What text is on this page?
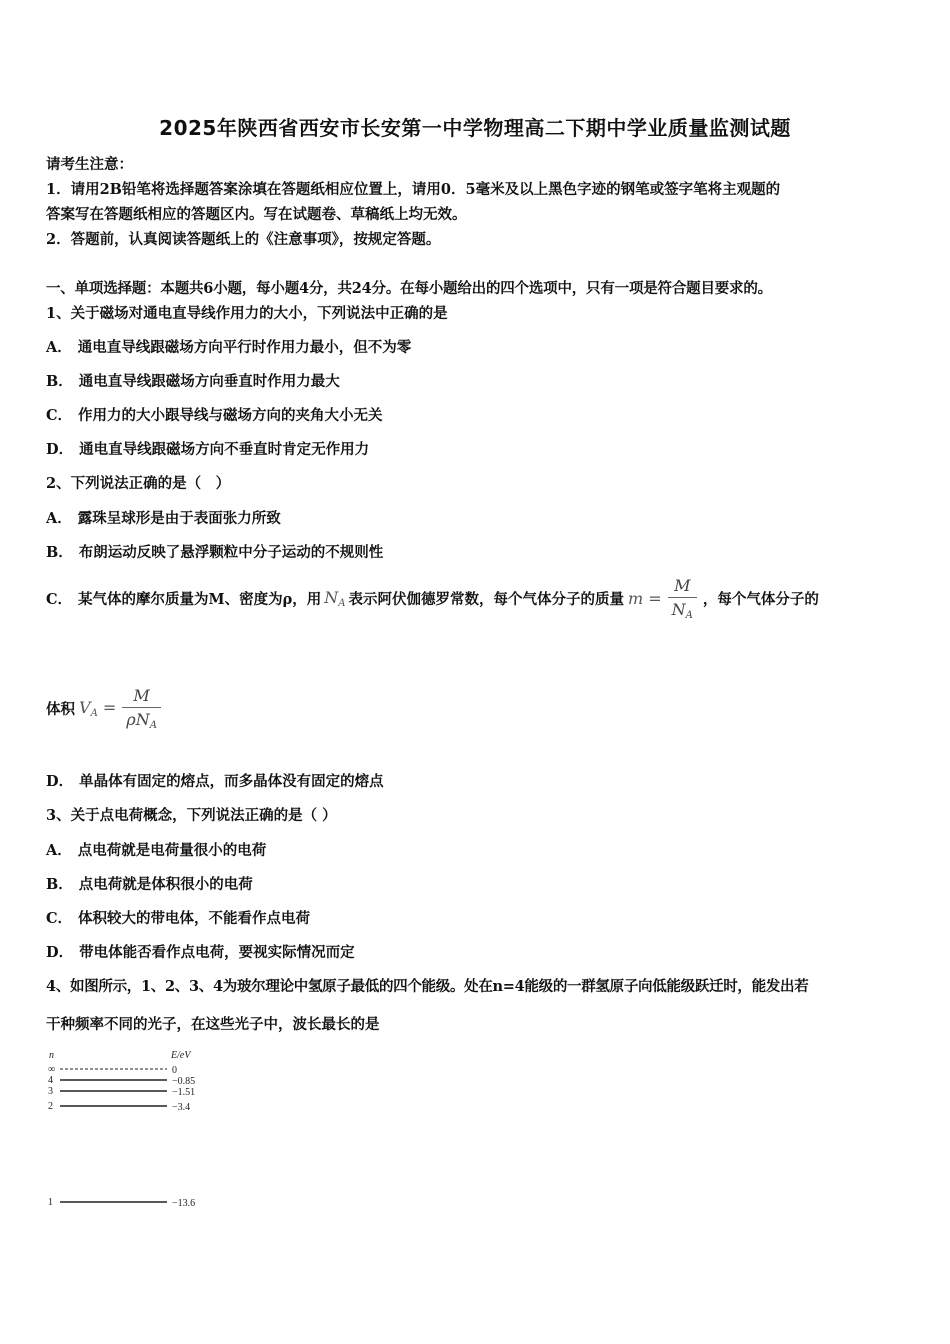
2025年陕西省西安市长安第一中学物理高二下期中学业质量监测试题
请考生注意：
1．请用2B铅笔将选择题答案涂填在答题纸相应位置上，请用0．5毫米及以上黑色字迹的钢笔或签字笔将主观题的
答案写在答题纸相应的答题区内。写在试题卷、草稿纸上均无效。
2．答题前，认真阅读答题纸上的《注意事项》，按规定答题。
一、单项选择题：本题共6小题，每小题4分，共24分。在每小题给出的四个选项中，只有一项是符合题目要求的。
1、关于磁场对通电直导线作用力的大小，下列说法中正确的是
A． 通电直导线跟磁场方向平行时作用力最小，但不为零
B． 通电直导线跟磁场方向垂直时作用力最大
C． 作用力的大小跟导线与磁场方向的夹角大小无关
D． 通电直导线跟磁场方向不垂直时肯定无作用力
2、下列说法正确的是（　）
A． 露珠呈球形是由于表面张力所致
B． 布朗运动反映了悬浮颗粒中分子运动的不规则性
C． 某气体的摩尔质量为M、密度为ρ，用 $N_A$ 表示阿伏伽德罗常数，每个气体分子的质量 $m = \frac{M}{N_A}$ ，每个气体分子的
体积 $V_A = \frac{M}{\rho N_A}$
D． 单晶体有固定的熔点，而多晶体没有固定的熔点
3、关于点电荷概念，下列说法正确的是（ ）
A． 点电荷就是电荷量很小的电荷
B． 点电荷就是体积很小的电荷
C． 体积较大的带电体，不能看作点电荷
D． 带电体能否看作点电荷，要视实际情况而定
4、如图所示，1、2、3、4为玻尔理论中氢原子最低的四个能级。处在n=4能级的一群氢原子向低能级跃迁时，能发出若
干种频率不同的光子，在这些光子中，波长最长的是
n	E/eV
∞	0
4	−0.85
3	−1.51
2	−3.4
1	−13.6
